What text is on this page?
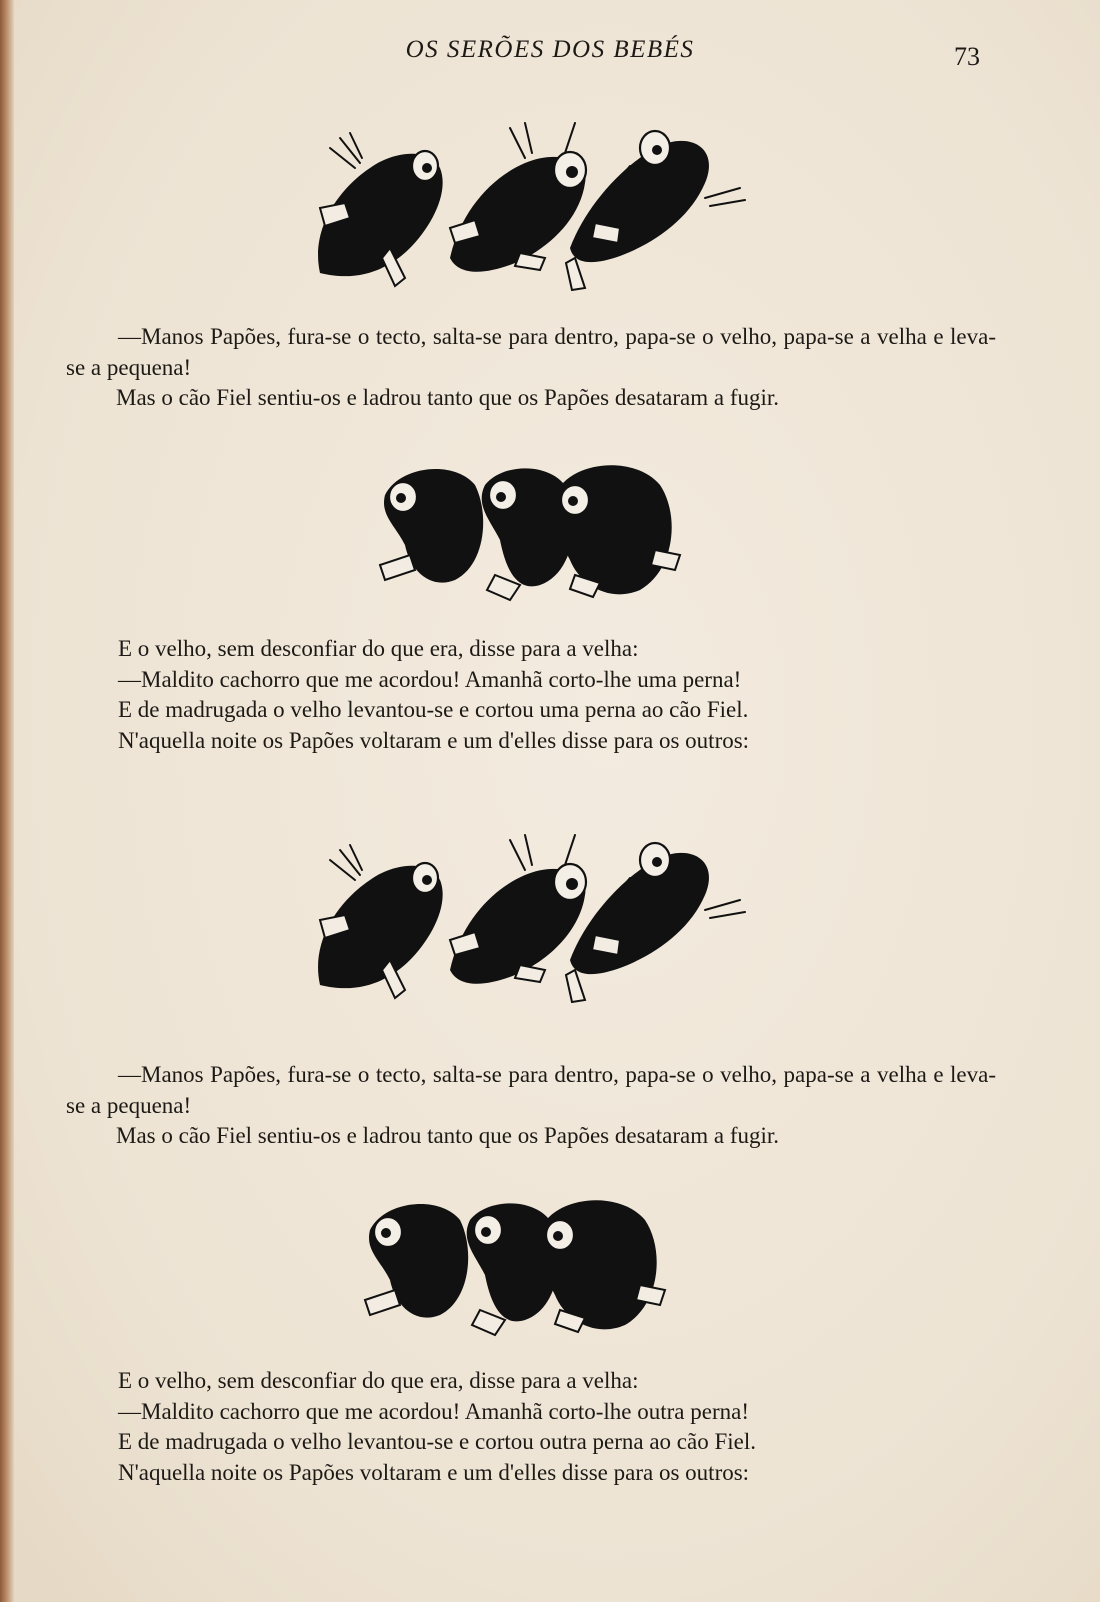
OS SERÕES DOS BEBÉS	73

—Manos Papões, fura-se o tecto, salta-se para dentro, papa-se o velho, papa-se a velha e leva-se a pequena!

Mas o cão Fiel sentiu-os e ladrou tanto que os Papões desataram a fugir.

E o velho, sem desconfiar do que era, disse para a velha:

—Maldito cachorro que me acordou! Amanhã corto-lhe uma perna!

E de madrugada o velho levantou-se e cortou uma perna ao cão Fiel.

N'aquella noite os Papões voltaram e um d'elles disse para os outros:

—Manos Papões, fura-se o tecto, salta-se para dentro, papa-se o velho, papa-se a velha e leva-se a pequena!

Mas o cão Fiel sentiu-os e ladrou tanto que os Papões desataram a fugir.

E o velho, sem desconfiar do que era, disse para a velha:

—Maldito cachorro que me acordou! Amanhã corto-lhe outra perna!

E de madrugada o velho levantou-se e cortou outra perna ao cão Fiel.

N'aquella noite os Papões voltaram e um d'elles disse para os outros:
